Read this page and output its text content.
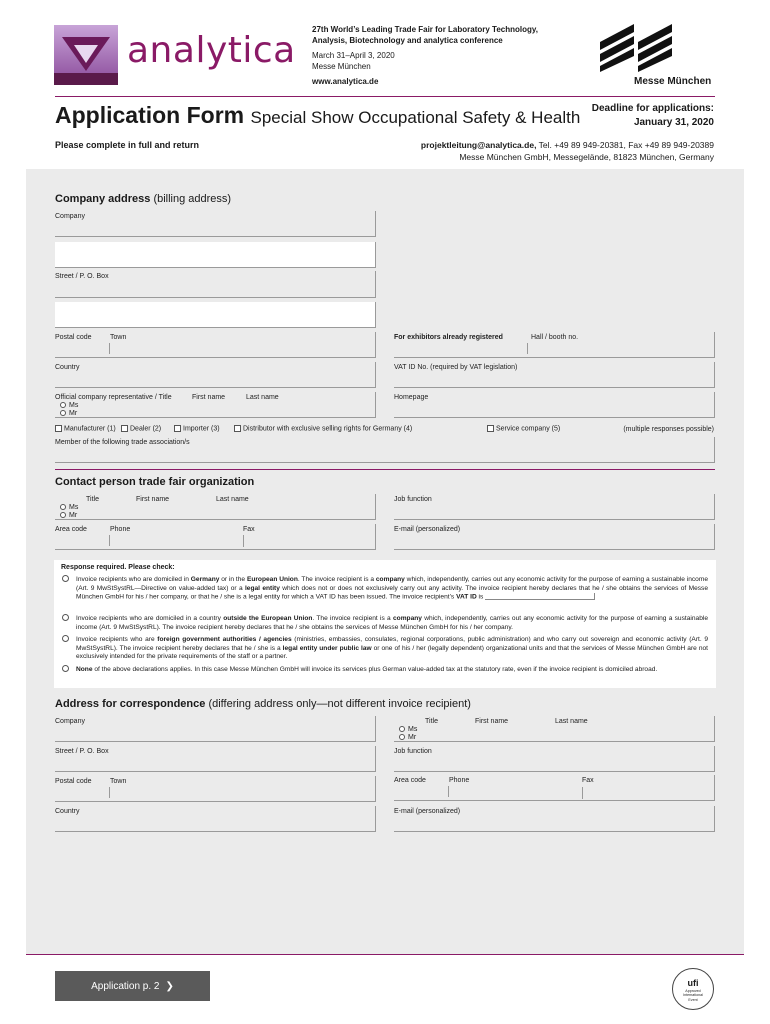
analytica
27th World’s Leading Trade Fair for Laboratory Technology,
Analysis, Biotechnology and analytica conference
March 31–April 3, 2020
Messe München
www.analytica.de	Messe München
Application Form Special Show Occupational Safety & Health Deadline for applications:
January 31, 2020
Please complete in full and return	projektleitung@analytica.de, Tel. +49 89 949-20381, Fax +49 89 949-20389
Messe München GmbH, Messegelände, 81823 München, Germany
Company address (billing address)
Company
Street / P. O. Box
Postal code	Town	For exhibitors already registered	Hall / booth no.
Country	VAT ID No. (required by VAT legislation)
Official company representative / Title	First name	Last name
Ms
Mr
Homepage
Manufacturer (1)	Dealer (2)	Importer (3)	Distributor with exclusive selling rights for Germany (4)	Service company (5)	(multiple responses possible)
Member of the following trade association/s
Contact person trade fair organization
Title	First name	Last name
Ms
Mr
Job function
Area code	Phone	Fax	E-mail (personalized)
Response required. Please check:
Invoice recipients who are domiciled in Germany or in the European Union. The invoice recipient is a company which, independently, carries out any economic activity for the purpose of earning a sustainable income (Art. 9 MwStSystRL—Directive on value-added tax) or a legal entity which does not or does not exclusively carry out any activity. The invoice recipient hereby declares that he / she obtains the services of Messe München GmbH for his / her company, or that he / she is a legal entity for which a VAT ID has been issued. The invoice recipient’s VAT ID is
Invoice recipients who are domiciled in a country outside the European Union. The invoice recipient is a company which, independently, carries out any economic activity for the purpose of earning a sustainable income (Art. 9 MwStSystRL). The invoice recipient hereby declares that he / she obtains the services of Messe München GmbH for his / her company.
Invoice recipients who are foreign government authorities / agencies (ministries, embassies, consulates, regional corporations, public administration) and who carry out sovereign and economic activity (Art. 9 MwStSystRL). The invoice recipient hereby declares that he / she is a legal entity under public law or one of his / her (legally dependent) organizational units and that the services of Messe München GmbH are not exclusively intended for the private requirements of the staff or a partner.
None of the above declarations applies. In this case Messe München GmbH will invoice its services plus German value-added tax at the statutory rate, even if the invoice recipient is domiciled abroad.
Address for correspondence (differing address only—not different invoice recipient)
Company	Title	First name	Last name
Ms
Mr
Street / P. O. Box	Job function
Postal code	Town	Area code	Phone	Fax
Country	E-mail (personalized)
Application p. 2 ❯	ufi
Approved
International
Event
